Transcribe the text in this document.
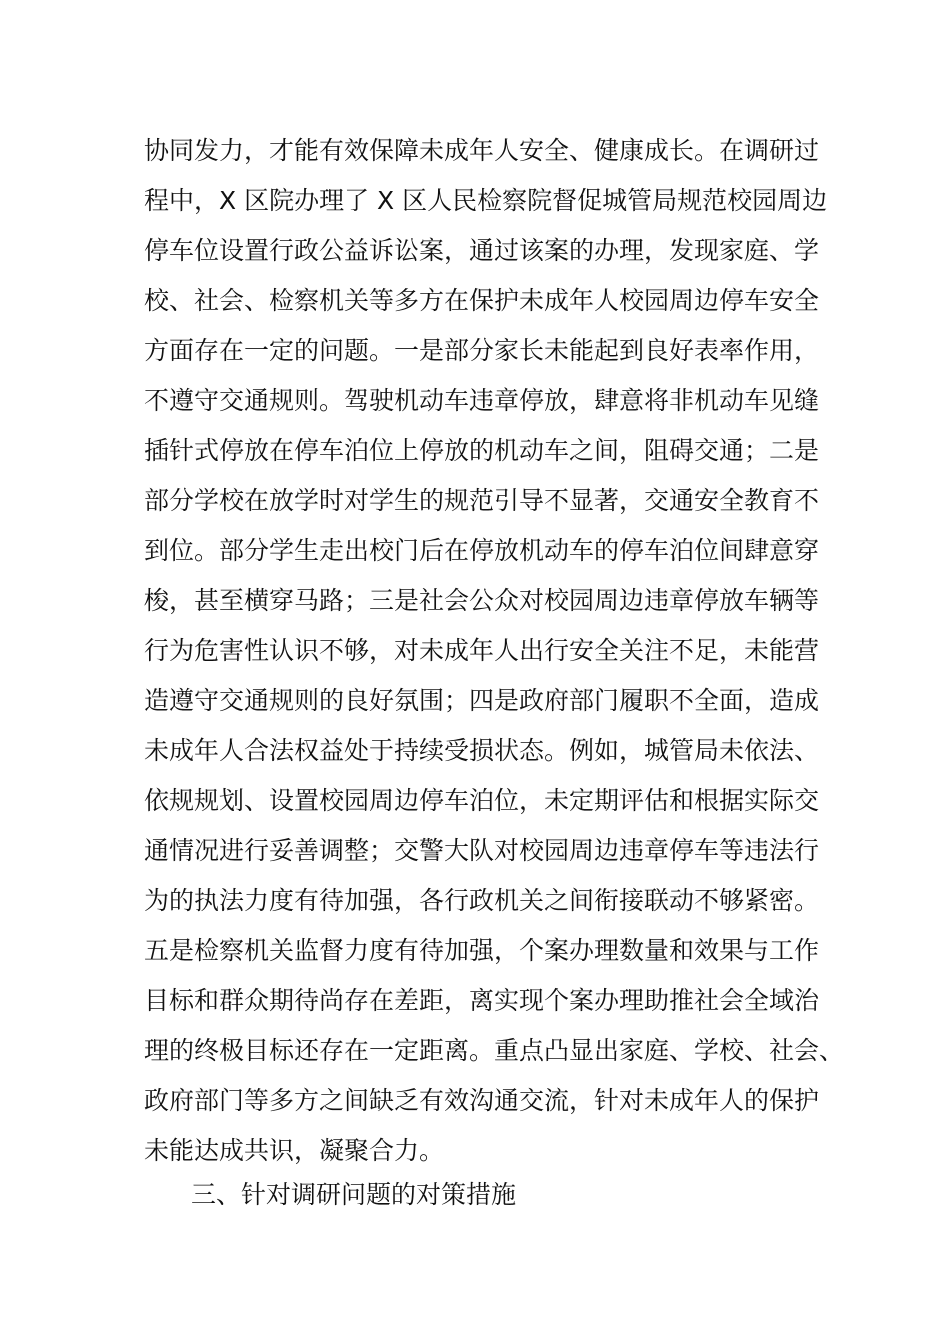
协同发力，才能有效保障未成年人安全、健康成长。在调研过
程中，X 区院办理了 X 区人民检察院督促城管局规范校园周边
停车位设置行政公益诉讼案，通过该案的办理，发现家庭、学
校、社会、检察机关等多方在保护未成年人校园周边停车安全
方面存在一定的问题。一是部分家长未能起到良好表率作用，
不遵守交通规则。驾驶机动车违章停放，肆意将非机动车见缝
插针式停放在停车泊位上停放的机动车之间，阻碍交通；二是
部分学校在放学时对学生的规范引导不显著，交通安全教育不
到位。部分学生走出校门后在停放机动车的停车泊位间肆意穿
梭，甚至横穿马路；三是社会公众对校园周边违章停放车辆等
行为危害性认识不够，对未成年人出行安全关注不足，未能营
造遵守交通规则的良好氛围；四是政府部门履职不全面，造成
未成年人合法权益处于持续受损状态。例如，城管局未依法、
依规规划、设置校园周边停车泊位，未定期评估和根据实际交
通情况进行妥善调整；交警大队对校园周边违章停车等违法行
为的执法力度有待加强，各行政机关之间衔接联动不够紧密。
五是检察机关监督力度有待加强，个案办理数量和效果与工作
目标和群众期待尚存在差距，离实现个案办理助推社会全域治
理的终极目标还存在一定距离。重点凸显出家庭、学校、社会、
政府部门等多方之间缺乏有效沟通交流，针对未成年人的保护
未能达成共识，凝聚合力。
三、针对调研问题的对策措施
